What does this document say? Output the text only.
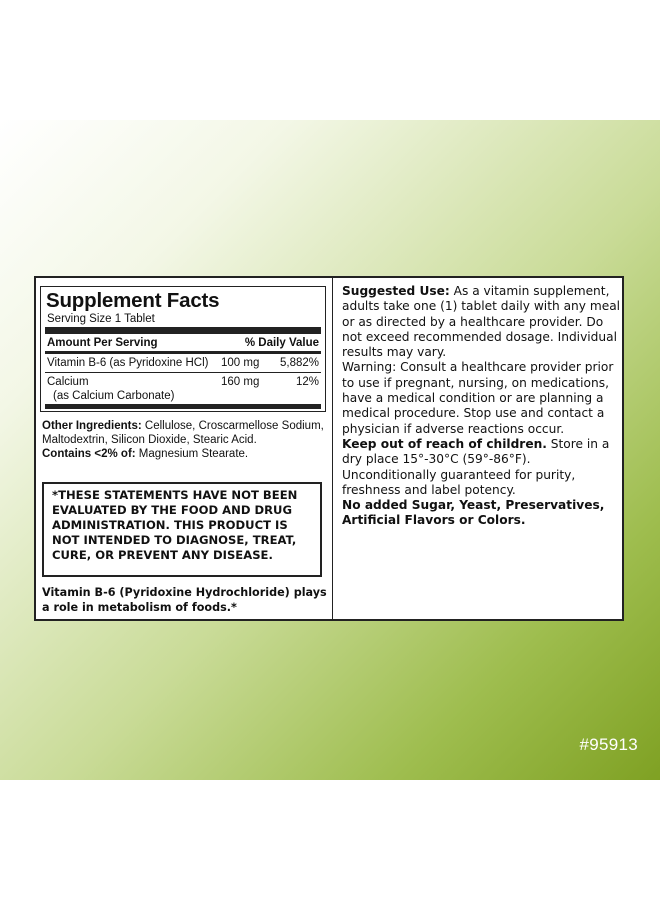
Supplement Facts
Serving Size 1 Tablet
Amount Per Serving	% Daily Value
Vitamin B-6 (as Pyridoxine HCl)	100 mg	5,882%
Calcium	160 mg	12%
(as Calcium Carbonate)
Other Ingredients: Cellulose, Croscarmellose Sodium, Maltodextrin, Silicon Dioxide, Stearic Acid.
Contains <2% of: Magnesium Stearate.
*THESE STATEMENTS HAVE NOT BEEN EVALUATED BY THE FOOD AND DRUG ADMINISTRATION. THIS PRODUCT IS NOT INTENDED TO DIAGNOSE, TREAT, CURE, OR PREVENT ANY DISEASE.
Vitamin B-6 (Pyridoxine Hydrochloride) plays a role in metabolism of foods.*
Suggested Use: As a vitamin supplement, adults take one (1) tablet daily with any meal or as directed by a healthcare provider. Do not exceed recommended dosage. Individual results may vary.
Warning: Consult a healthcare provider prior to use if pregnant, nursing, on medications, have a medical condition or are planning a medical procedure. Stop use and contact a physician if adverse reactions occur.
Keep out of reach of children. Store in a dry place 15°-30°C (59°-86°F). Unconditionally guaranteed for purity, freshness and label potency.
No added Sugar, Yeast, Preservatives, Artificial Flavors or Colors.
#95913
